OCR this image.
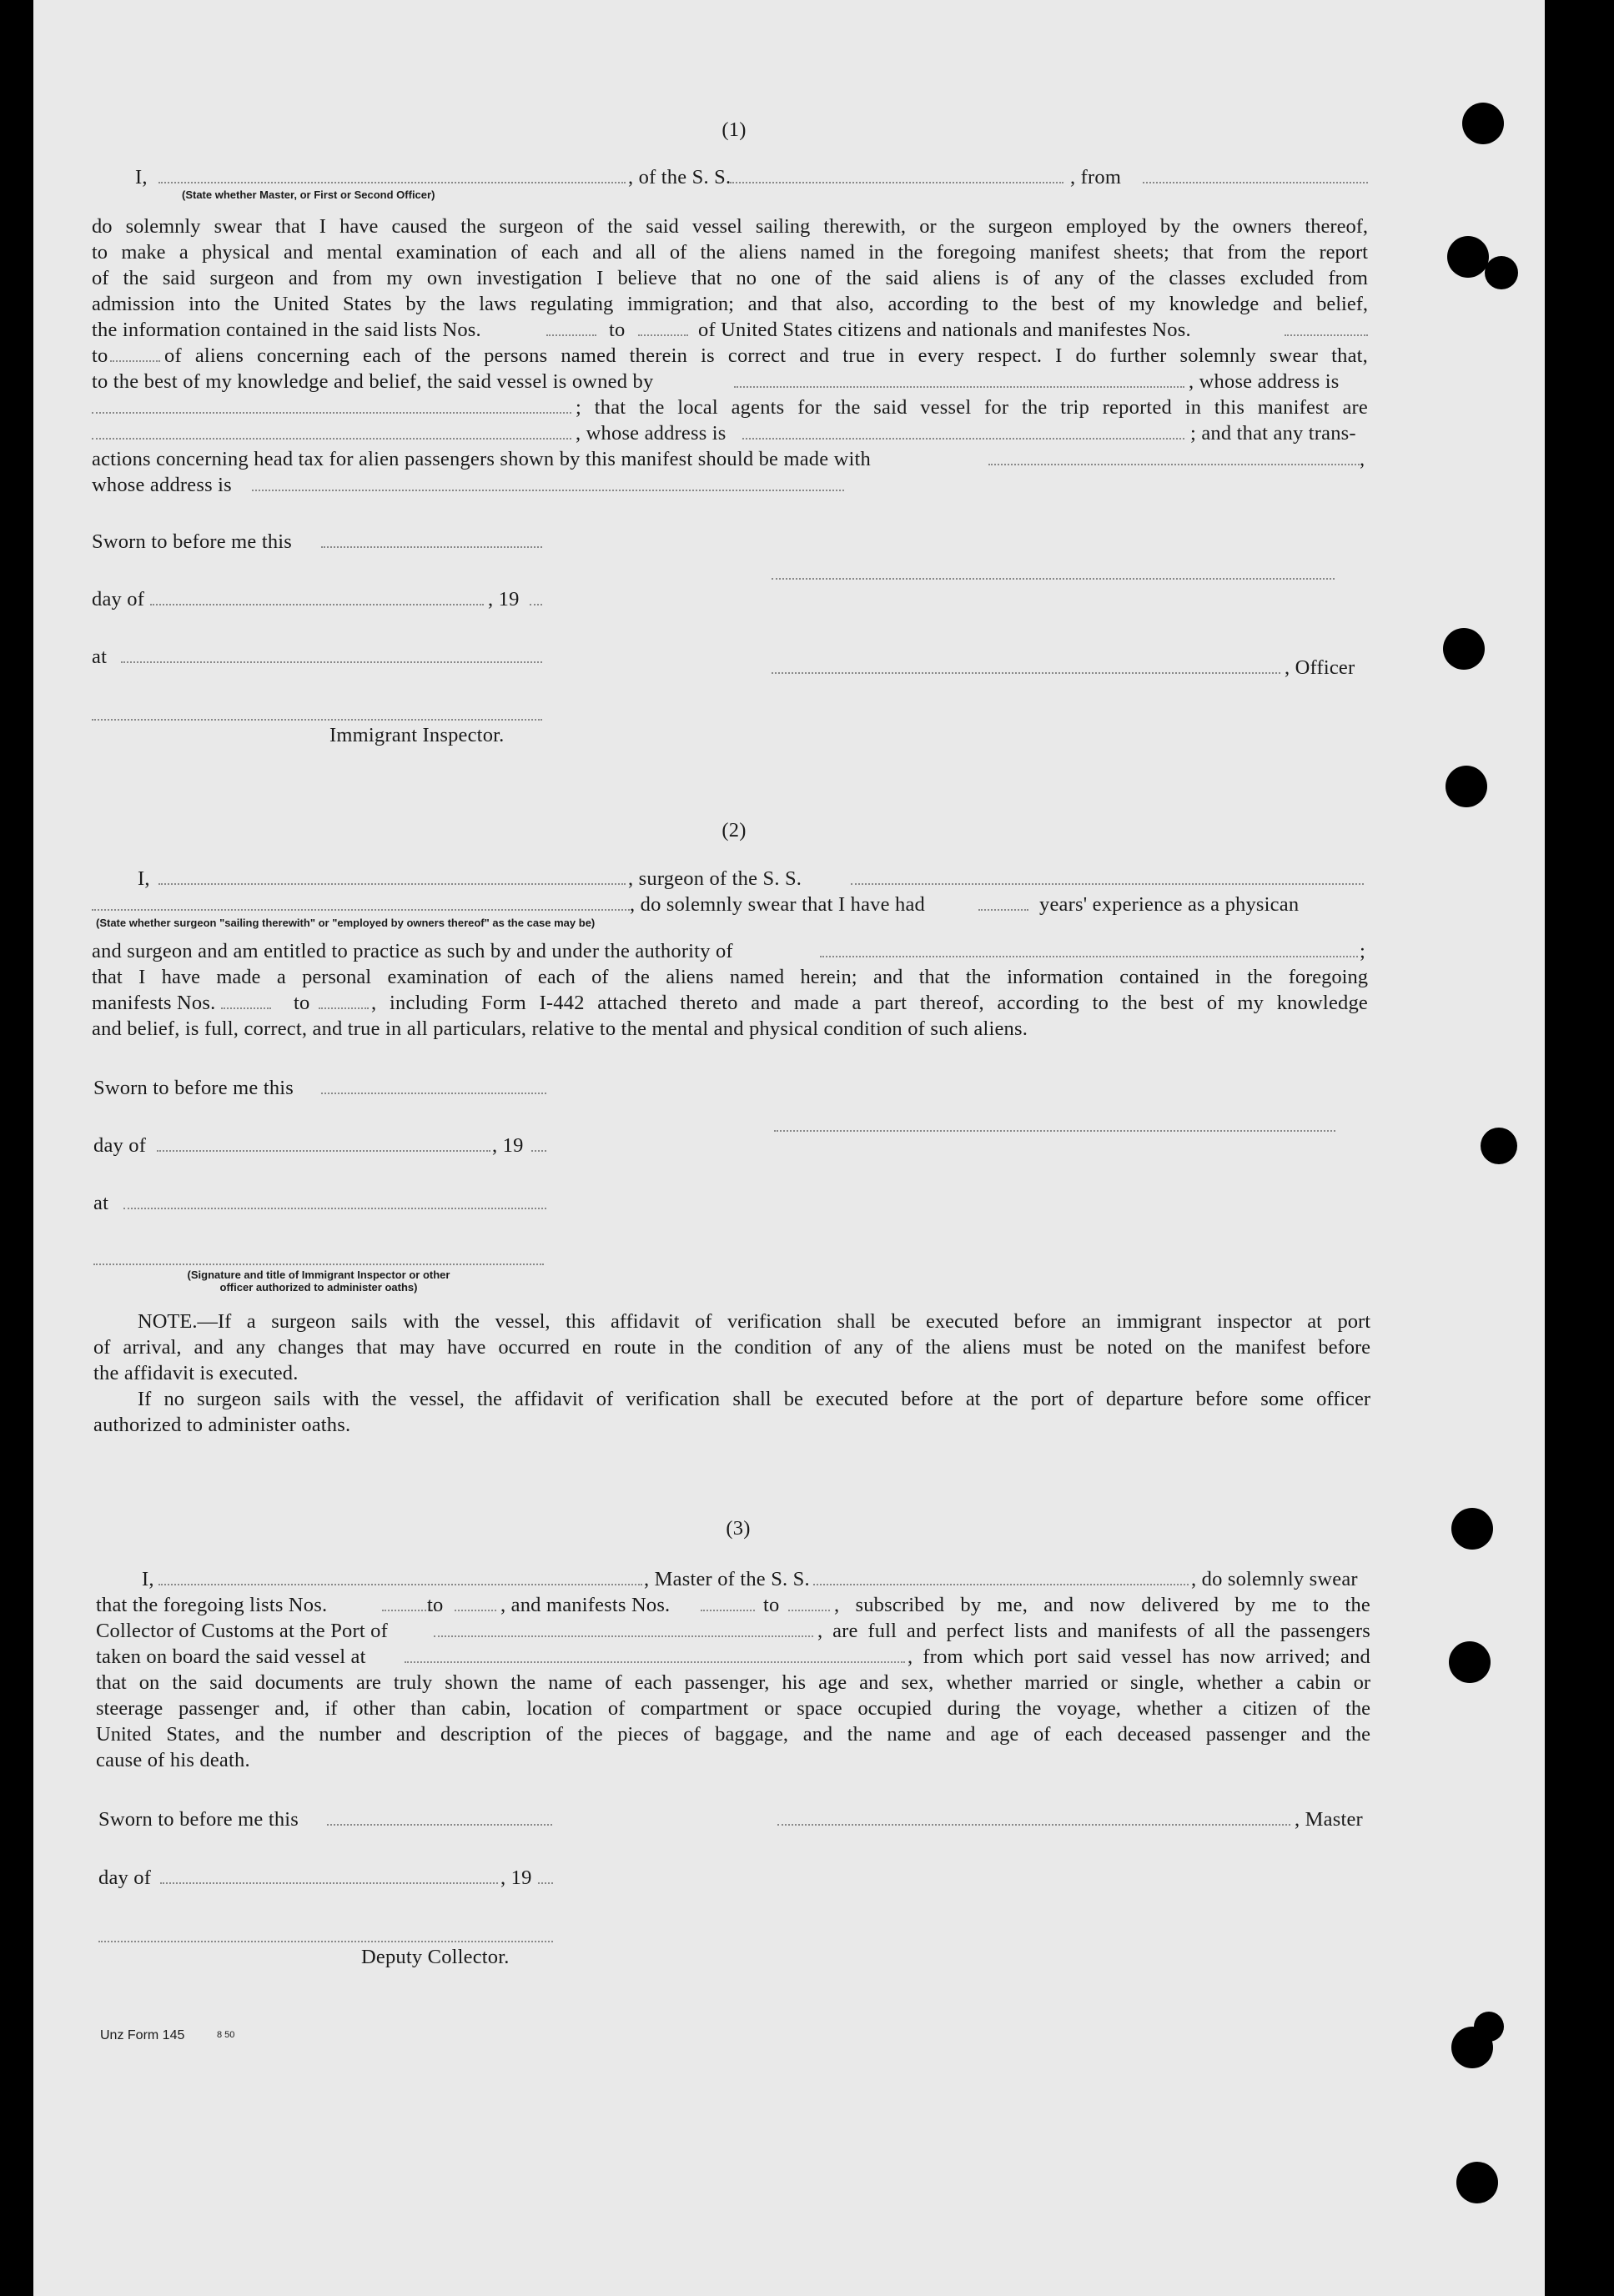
(1)
I,
(State whether Master, or First or Second Officer)
, of the S. S.	, from
do solemnly swear that I have caused the surgeon of the said vessel sailing therewith, or the surgeon employed by the owners thereof,
to make a physical and mental examination of each and all of the aliens named in the foregoing manifest sheets; that from the report
of the said surgeon and from my own investigation I believe that no one of the said aliens is of any of the classes excluded from
admission into the United States by the laws regulating immigration; and that also, according to the best of my knowledge and belief,
the information contained in the said lists Nos.	to	of United States citizens and nationals and manifestes Nos.
to	of aliens concerning each of the persons named therein is correct and true in every respect. I do further solemnly swear that,
to the best of my knowledge and belief, the said vessel is owned by	, whose address is
; that the local agents for the said vessel for the trip reported in this manifest are
, whose address is	; and that any trans-
actions concerning head tax for alien passengers shown by this manifest should be made with	,
whose address is
Sworn to before me this
day of	, 19
at	, Officer
Immigrant Inspector.
(2)
I,	, surgeon of the S. S.
, do solemnly swear that I have had	years' experience as a physican
(State whether surgeon "sailing therewith" or "employed by owners thereof" as the case may be)
and surgeon and am entitled to practice as such by and under the authority of	;
that I have made a personal examination of each of the aliens named herein; and that the information contained in the foregoing
manifests Nos.	to	, including Form I-442 attached thereto and made a part thereof, according to the best of my knowledge
and belief, is full, correct, and true in all particulars, relative to the mental and physical condition of such aliens.
Sworn to before me this
day of	, 19
at
(Signature and title of Immigrant Inspector or other
officer authorized to administer oaths)
NOTE.—If a surgeon sails with the vessel, this affidavit of verification shall be executed before an immigrant inspector at port
of arrival, and any changes that may have occurred en route in the condition of any of the aliens must be noted on the manifest before
the affidavit is executed.
If no surgeon sails with the vessel, the affidavit of verification shall be executed before at the port of departure before some officer
authorized to administer oaths.
(3)
I,	, Master of the S. S.	, do solemnly swear
that the foregoing lists Nos.	to	, and manifests Nos.	to	, subscribed by me, and now delivered by me to the
Collector of Customs at the Port of	, are full and perfect lists and manifests of all the passengers
taken on board the said vessel at	, from which port said vessel has now arrived; and
that on the said documents are truly shown the name of each passenger, his age and sex, whether married or single, whether a cabin or
steerage passenger and, if other than cabin, location of compartment or space occupied during the voyage, whether a citizen of the
United States, and the number and description of the pieces of baggage, and the name and age of each deceased passenger and the
cause of his death.
Sworn to before me this	, Master
day of	, 19
Deputy Collector.
Unz Form 145	8 50
